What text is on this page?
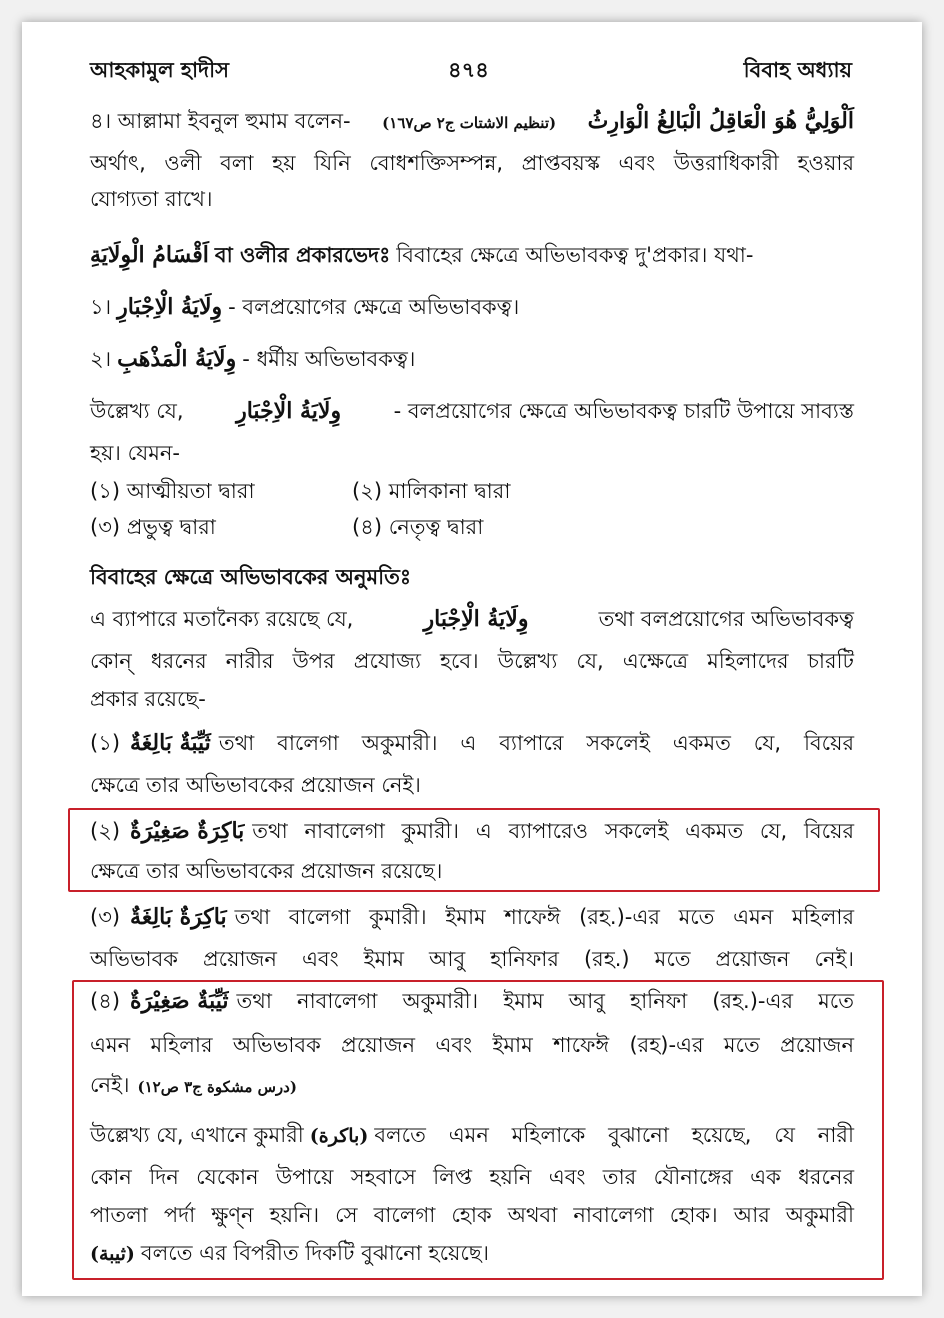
আহকামুল হাদীস	৪৭৪	বিবাহ অধ্যায়
৪। আল্লামা ইবনুল হুমাম বলেন- (تنظيم الاشتات ج٢ ص١٦٧) اَلْوَلِيُّ هُوَ الْعَاقِلُ الْبَالِغُ الْوَارِثُ
অর্থাৎ, ওলী বলা হয় যিনি বোধশক্তিসম্পন্ন, প্রাপ্তবয়স্ক এবং উত্তরাধিকারী হওয়ার
যোগ্যতা রাখে।
اَقْسَامُ الْوِلَايَةِ বা ওলীর প্রকারভেদঃ বিবাহের ক্ষেত্রে অভিভাবকত্ব দু'প্রকার। যথা-
১। وِلَايَةُ الْاِجْبَارِ - বলপ্রয়োগের ক্ষেত্রে অভিভাবকত্ব।
২। وِلَايَةُ الْمَذْهَبِ - ধর্মীয় অভিভাবকত্ব।
উল্লেখ্য যে, وِلَايَةُ الْاِجْبَارِ	- বলপ্রয়োগের ক্ষেত্রে অভিভাবকত্ব চারটি উপায়ে সাব্যস্ত
হয়। যেমন-
(১) আত্মীয়তা দ্বারা	(২) মালিকানা দ্বারা
(৩) প্রভুত্ব দ্বারা	(৪) নেতৃত্ব দ্বারা
বিবাহের ক্ষেত্রে অভিভাবকের অনুমতিঃ
এ ব্যাপারে মতানৈক্য রয়েছে যে,	وِلَايَةُ الْاِجْبَارِ	তথা বলপ্রয়োগের অভিভাবকত্ব
কোন্ ধরনের নারীর উপর প্রযোজ্য হবে। উল্লেখ্য যে, এক্ষেত্রে মহিলাদের চারটি
প্রকার রয়েছে-
(১) ثَيِّبَةٌ بَالِغَةٌ তথা বালেগা অকুমারী। এ ব্যাপারে সকলেই একমত যে, বিয়ের
ক্ষেত্রে তার অভিভাবকের প্রয়োজন নেই।
(২) بَاكِرَةٌ صَغِيْرَةٌ তথা নাবালেগা কুমারী। এ ব্যাপারেও সকলেই একমত যে, বিয়ের
ক্ষেত্রে তার অভিভাবকের প্রয়োজন রয়েছে।
(৩) بَاكِرَةٌ بَالِغَةٌ তথা বালেগা কুমারী। ইমাম শাফেঈ (রহ.)-এর মতে এমন মহিলার
অভিভাবক প্রয়োজন এবং ইমাম আবু হানিফার (রহ.) মতে প্রয়োজন নেই।
(৪) ثَيِّبَةٌ صَغِيْرَةٌ তথা নাবালেগা অকুমারী। ইমাম আবু হানিফা (রহ.)-এর মতে
এমন মহিলার অভিভাবক প্রয়োজন এবং ইমাম শাফেঈ (রহ)-এর মতে প্রয়োজন
নেই। (درس مشكوة ج٣ ص١٢)
উল্লেখ্য যে, এখানে কুমারী (باكرة) বলতে এমন মহিলাকে বুঝানো হয়েছে, যে নারী
কোন দিন যেকোন উপায়ে সহবাসে লিপ্ত হয়নি এবং তার যৌনাঙ্গের এক ধরনের
পাতলা পর্দা ক্ষুণ্ন হয়নি। সে বালেগা হোক অথবা নাবালেগা হোক। আর অকুমারী
(ثيبة) বলতে এর বিপরীত দিকটি বুঝানো হয়েছে।
